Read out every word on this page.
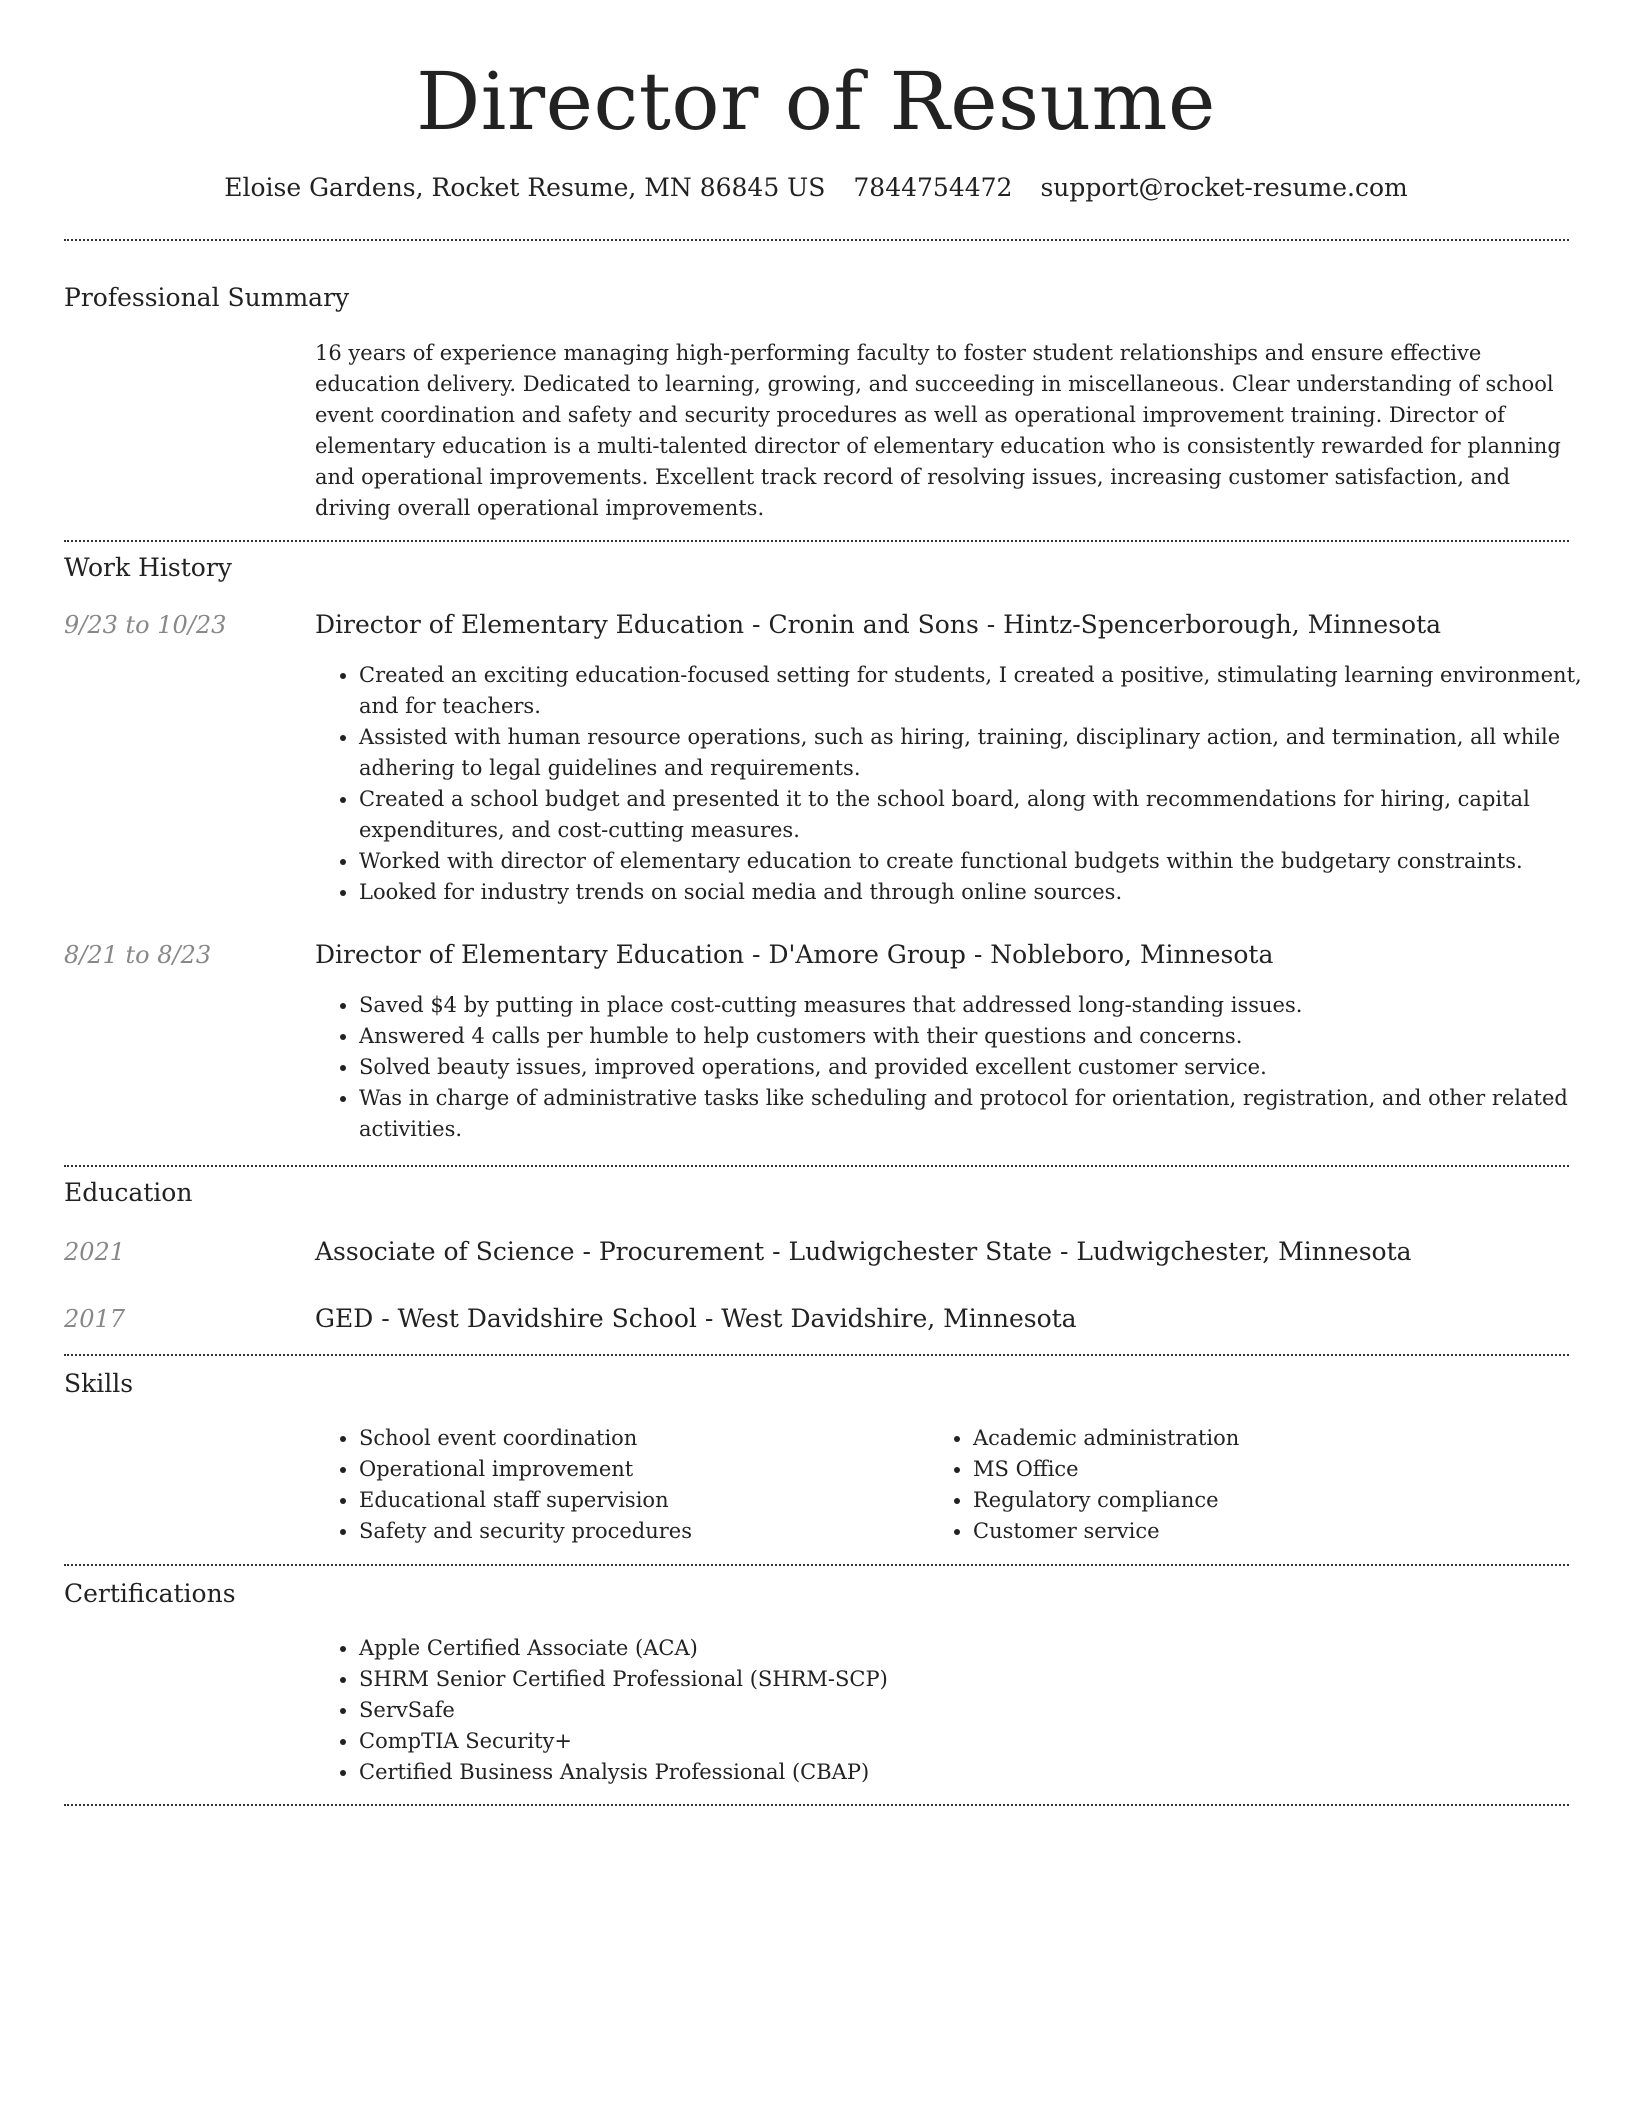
Director of Resume
Eloise Gardens, Rocket Resume, MN 86845 US 7844754472 support@rocket-resume.com
Professional Summary

16 years of experience managing high-performing faculty to foster student relationships and ensure effective education delivery. Dedicated to learning, growing, and succeeding in miscellaneous. Clear understanding of school event coordination and safety and security procedures as well as operational improvement training. Director of elementary education is a multi-talented director of elementary education who is consistently rewarded for planning and operational improvements. Excellent track record of resolving issues, increasing customer satisfaction, and driving overall operational improvements.

Work History
9/23 to 10/23	Director of Elementary Education - Cronin and Sons - Hintz-Spencerborough, Minnesota
• Created an exciting education-focused setting for students, I created a positive, stimulating learning environment, and for teachers.
• Assisted with human resource operations, such as hiring, training, disciplinary action, and termination, all while adhering to legal guidelines and requirements.
• Created a school budget and presented it to the school board, along with recommendations for hiring, capital expenditures, and cost-cutting measures.
• Worked with director of elementary education to create functional budgets within the budgetary constraints.
• Looked for industry trends on social media and through online sources.
8/21 to 8/23	Director of Elementary Education - D'Amore Group - Nobleboro, Minnesota
• Saved $4 by putting in place cost-cutting measures that addressed long-standing issues.
• Answered 4 calls per humble to help customers with their questions and concerns.
• Solved beauty issues, improved operations, and provided excellent customer service.
• Was in charge of administrative tasks like scheduling and protocol for orientation, registration, and other related activities.
Education
2021	Associate of Science - Procurement - Ludwigchester State - Ludwigchester, Minnesota
2017	GED - West Davidshire School - West Davidshire, Minnesota
Skills
• School event coordination
• Operational improvement
• Educational staff supervision
• Safety and security procedures
• Academic administration
• MS Office
• Regulatory compliance
• Customer service
Certifications
• Apple Certified Associate (ACA)
• SHRM Senior Certified Professional (SHRM-SCP)
• ServSafe
• CompTIA Security+
• Certified Business Analysis Professional (CBAP)
